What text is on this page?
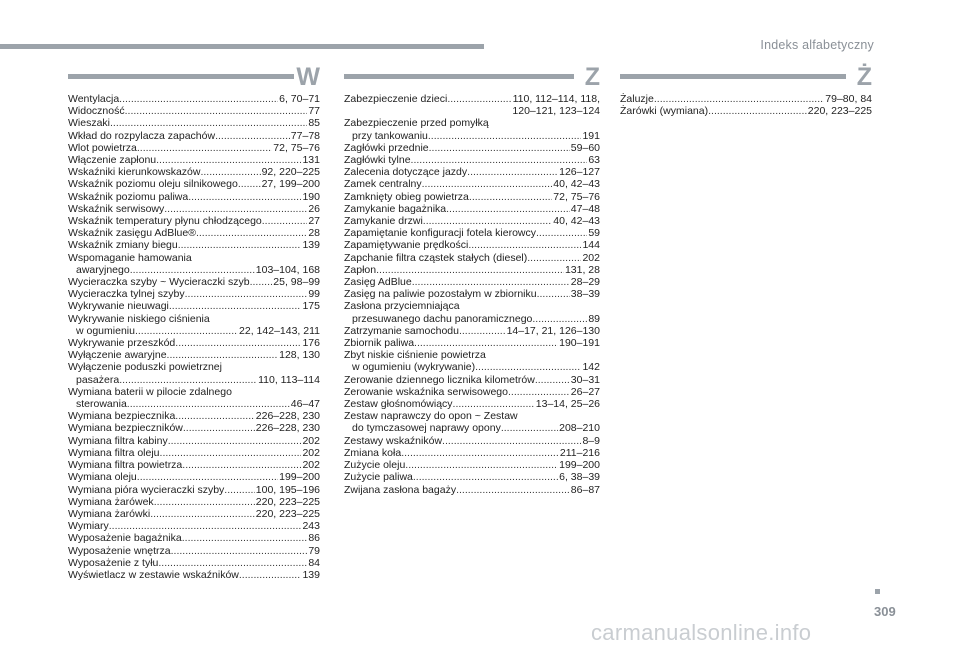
Indeks alfabetyczny
W
Wentylacja .....	6, 70–71
Widoczność .....	77
Wieszaki .....	85
Wkład do rozpylacza zapachów .....	77–78
Wlot powietrza .....	72, 75–76
Włączenie zapłonu .....	131
Wskaźniki kierunkowskazów .....	92, 220–225
Wskaźnik poziomu oleju silnikowego ..... 27, 199–200
Wskaźnik poziomu paliwa .....	190
Wskaźnik serwisowy .....	26
Wskaźnik temperatury płynu chłodzącego .....	27
Wskaźnik zasięgu AdBlue® .....	28
Wskaźnik zmiany biegu .....	139
Wspomaganie hamowania
awaryjnego .....	103–104, 168
Wycieraczka szyby ~ Wycieraczki szyb ..... 25, 98–99
Wycieraczka tylnej szyby .....	99
Wykrywanie nieuwagi .....	175
Wykrywanie niskiego ciśnienia
w ogumieniu .....	22, 142–143, 211
Wykrywanie przeszkód .....	176
Wyłączenie awaryjne .....	128, 130
Wyłączenie poduszki powietrznej
pasażera .....	110, 113–114
Wymiana baterii w pilocie zdalnego
sterowania .....	46–47
Wymiana bezpiecznika .....	226–228, 230
Wymiana bezpieczników .....	226–228, 230
Wymiana filtra kabiny .....	202
Wymiana filtra oleju .....	202
Wymiana filtra powietrza .....	202
Wymiana oleju .....	199–200
Wymiana pióra wycieraczki szyby .....	100, 195–196
Wymiana żarówek .....	220, 223–225
Wymiana żarówki .....	220, 223–225
Wymiary .....	243
Wyposażenie bagażnika .....	86
Wyposażenie wnętrza .....	79
Wyposażenie z tyłu .....	84
Wyświetlacz w zestawie wskaźników .....	139
Z
Zabezpieczenie dzieci .....	110, 112–114, 118,
120–121, 123–124
Zabezpieczenie przed pomyłką
przy tankowaniu .....	191
Zagłówki przednie .....	59–60
Zagłówki tylne .....	63
Zalecenia dotyczące jazdy .....	126–127
Zamek centralny .....	40, 42–43
Zamknięty obieg powietrza .....	72, 75–76
Zamykanie bagażnika .....	47–48
Zamykanie drzwi .....	40, 42–43
Zapamiętanie konfiguracji fotela kierowcy .....	59
Zapamiętywanie prędkości .....	144
Zapchanie filtra cząstek stałych (diesel) .....	202
Zapłon .....	131, 28
Zasięg AdBlue .....	28–29
Zasięg na paliwie pozostałym w zbiorniku .....	38–39
Zasłona przyciemniająca
przesuwanego dachu panoramicznego .....	89
Zatrzymanie samochodu .....	14–17, 21, 126–130
Zbiornik paliwa .....	190–191
Zbyt niskie ciśnienie powietrza
w ogumieniu (wykrywanie) .....	142
Zerowanie dziennego licznika kilometrów .....	30–31
Zerowanie wskaźnika serwisowego .....	26–27
Zestaw głośnomówiący .....	13–14, 25–26
Zestaw naprawczy do opon ~ Zestaw
do tymczasowej naprawy opony .....	208–210
Zestawy wskaźników .....	8–9
Zmiana koła .....	211–216
Zużycie oleju .....	199–200
Zużycie paliwa .....	6, 38–39
Zwijana zasłona bagaży .....	86–87
Ż
Żaluzje .....	79–80, 84
Żarówki (wymiana) .....	220, 223–225
309
carmanualsonline.info
